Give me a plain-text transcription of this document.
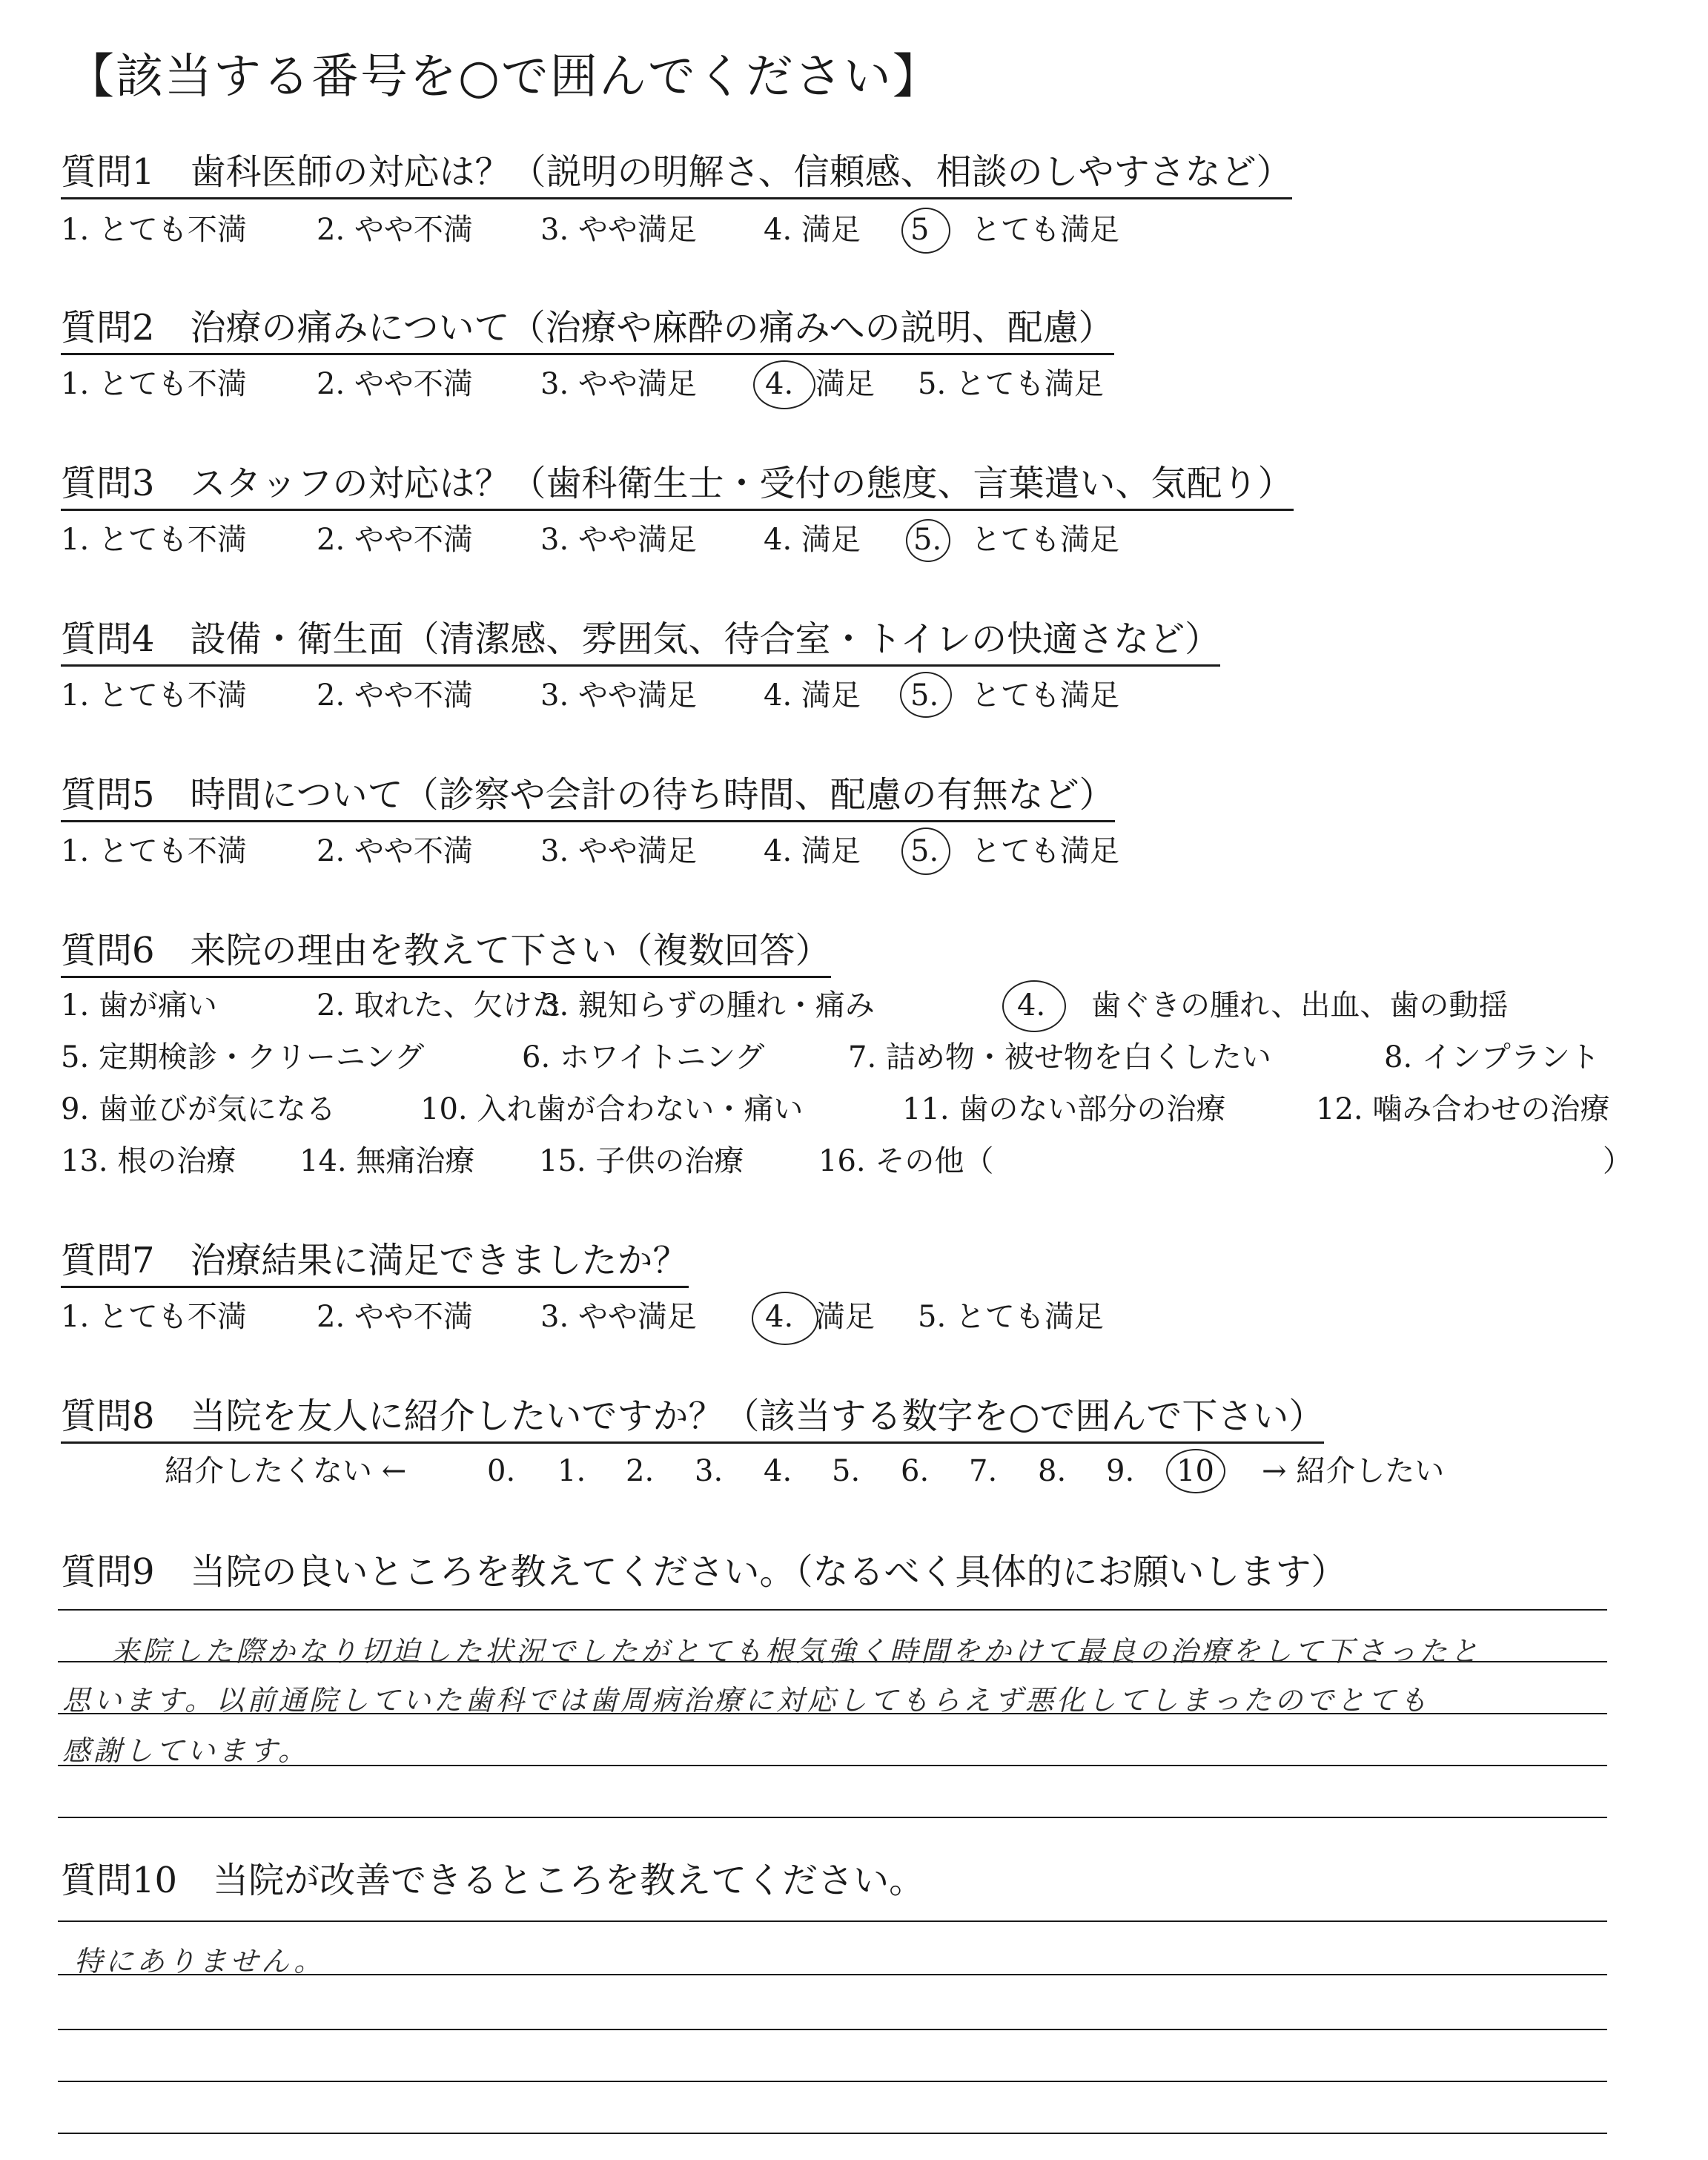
【該当する番号を○で囲んでください】
質問1　歯科医師の対応は？（説明の明解さ、信頼感、相談のしやすさなど）
1. とても不満 2. やや不満 3. やや満足 4. 満足 5 とても満足
質問2　治療の痛みについて（治療や麻酔の痛みへの説明、配慮）
1. とても不満 2. やや不満 3. やや満足 4. 満足 5. とても満足
質問3　スタッフの対応は？（歯科衛生士・受付の態度、言葉遣い、気配り）
1. とても不満 2. やや不満 3. やや満足 4. 満足 5. とても満足
質問4　設備・衛生面（清潔感、雰囲気、待合室・トイレの快適さなど）
1. とても不満 2. やや不満 3. やや満足 4. 満足 5. とても満足
質問5　時間について（診察や会計の待ち時間、配慮の有無など）
1. とても不満 2. やや不満 3. やや満足 4. 満足 5. とても満足
質問6　来院の理由を教えて下さい（複数回答）
1. 歯が痛い	2. 取れた、欠けた
3. 親知らずの腫れ・痛み	4. 歯ぐきの腫れ、出血、歯の動揺
5. 定期検診・クリーニング	6. ホワイトニング	7. 詰め物・被せ物を白くしたい	8. インプラント
9. 歯並びが気になる	10. 入れ歯が合わない・痛い	11. 歯のない部分の治療	12. 噛み合わせの治療
13. 根の治療 14. 無痛治療 15. 子供の治療	16. その他（	）
質問7　治療結果に満足できましたか？
1. とても不満 2. やや不満 3. やや満足 4. 満足 5. とても満足
質問8　当院を友人に紹介したいですか？（該当する数字を○で囲んで下さい）
紹介したくない ←	0. 1. 2. 3. 4. 5. 6. 7. 8. 9. 10 → 紹介したい
質問9　当院の良いところを教えてください。（なるべく具体的にお願いします）
来院した際かなり切迫した状況でしたがとても根気強く時間をかけて最良の治療をして下さったと
思います。以前通院していた歯科では歯周病治療に対応してもらえず悪化してしまったのでとても
感謝しています。
質問10　当院が改善できるところを教えてください。
特にありません。
